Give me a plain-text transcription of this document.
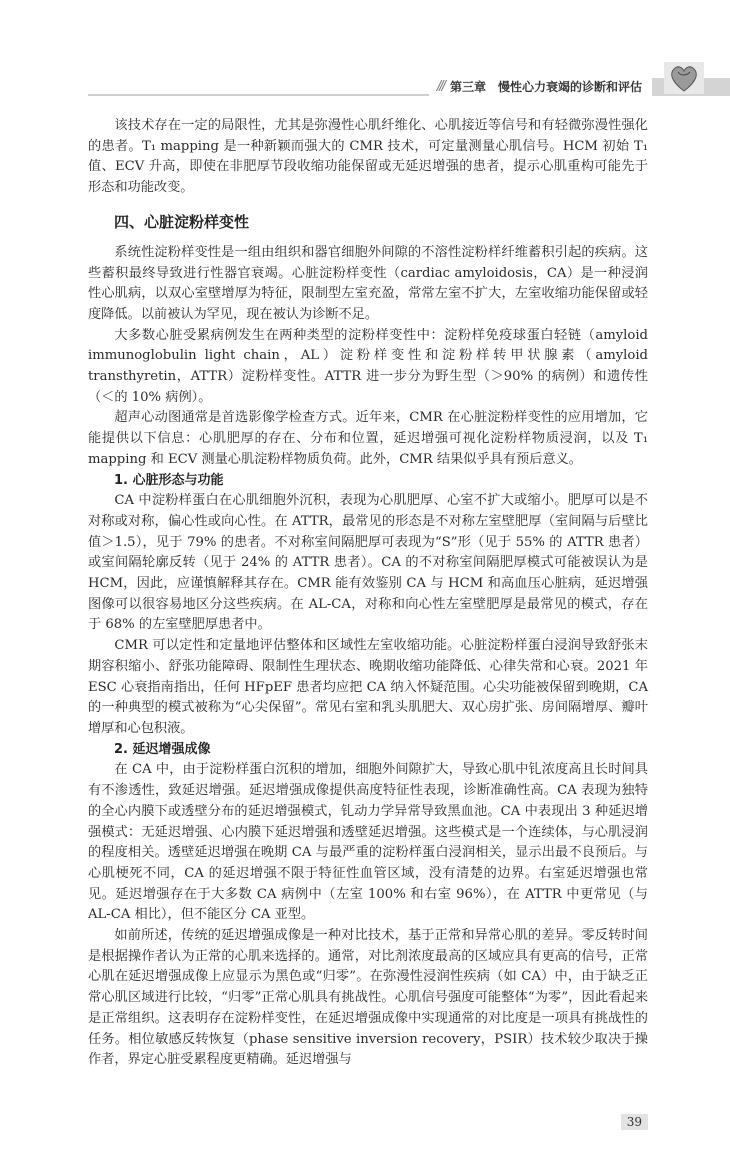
/// 第三章　慢性心力衰竭的诊断和评估

该技术存在一定的局限性，尤其是弥漫性心肌纤维化、心肌接近等信号和有轻微弥漫性强化的患者。T₁ mapping 是一种新颖而强大的 CMR 技术，可定量测量心肌信号。HCM 初始 T₁ 值、ECV 升高，即使在非肥厚节段收缩功能保留或无延迟增强的患者，提示心肌重构可能先于形态和功能改变。

四、心脏淀粉样变性

系统性淀粉样变性是一组由组织和器官细胞外间隙的不溶性淀粉样纤维蓄积引起的疾病。这些蓄积最终导致进行性器官衰竭。心脏淀粉样变性（cardiac amyloidosis，CA）是一种浸润性心肌病，以双心室壁增厚为特征，限制型左室充盈，常常左室不扩大，左室收缩功能保留或轻度降低。以前被认为罕见，现在被认为诊断不足。

大多数心脏受累病例发生在两种类型的淀粉样变性中：淀粉样免疫球蛋白轻链（amyloid immunoglobulin light chain，AL）淀粉样变性和淀粉样转甲状腺素（amyloid transthyretin，ATTR）淀粉样变性。ATTR 进一步分为野生型（＞90% 的病例）和遗传性（＜的 10% 病例）。

超声心动图通常是首选影像学检查方式。近年来，CMR 在心脏淀粉样变性的应用增加，它能提供以下信息：心肌肥厚的存在、分布和位置，延迟增强可视化淀粉样物质浸润，以及 T₁ mapping 和 ECV 测量心肌淀粉样物质负荷。此外，CMR 结果似乎具有预后意义。

1. 心脏形态与功能

CA 中淀粉样蛋白在心肌细胞外沉积，表现为心肌肥厚、心室不扩大或缩小。肥厚可以是不对称或对称，偏心性或向心性。在 ATTR，最常见的形态是不对称左室壁肥厚（室间隔与后壁比值＞1.5），见于 79% 的患者。不对称室间隔肥厚可表现为“S”形（见于 55% 的 ATTR 患者）或室间隔轮廓反转（见于 24% 的 ATTR 患者）。CA 的不对称室间隔肥厚模式可能被误认为是 HCM，因此，应谨慎解释其存在。CMR 能有效鉴别 CA 与 HCM 和高血压心脏病，延迟增强图像可以很容易地区分这些疾病。在 AL-CA，对称和向心性左室壁肥厚是最常见的模式，存在于 68% 的左室壁肥厚患者中。

CMR 可以定性和定量地评估整体和区域性左室收缩功能。心脏淀粉样蛋白浸润导致舒张末期容积缩小、舒张功能障碍、限制性生理状态、晚期收缩功能降低、心律失常和心衰。2021 年 ESC 心衰指南指出，任何 HFpEF 患者均应把 CA 纳入怀疑范围。心尖功能被保留到晚期，CA 的一种典型的模式被称为“心尖保留”。常见右室和乳头肌肥大、双心房扩张、房间隔增厚、瓣叶增厚和心包积液。

2. 延迟增强成像

在 CA 中，由于淀粉样蛋白沉积的增加，细胞外间隙扩大，导致心肌中钆浓度高且长时间具有不渗透性，致延迟增强。延迟增强成像提供高度特征性表现，诊断准确性高。CA 表现为独特的全心内膜下或透壁分布的延迟增强模式，钆动力学异常导致黑血池。CA 中表现出 3 种延迟增强模式：无延迟增强、心内膜下延迟增强和透壁延迟增强。这些模式是一个连续体，与心肌浸润的程度相关。透壁延迟增强在晚期 CA 与最严重的淀粉样蛋白浸润相关，显示出最不良预后。与心肌梗死不同，CA 的延迟增强不限于特征性血管区域，没有清楚的边界。右室延迟增强也常见。延迟增强存在于大多数 CA 病例中（左室 100% 和右室 96%），在 ATTR 中更常见（与 AL-CA 相比），但不能区分 CA 亚型。

如前所述，传统的延迟增强成像是一种对比技术，基于正常和异常心肌的差异。零反转时间是根据操作者认为正常的心肌来选择的。通常，对比剂浓度最高的区域应具有更高的信号，正常心肌在延迟增强成像上应显示为黑色或“归零”。在弥漫性浸润性疾病（如 CA）中，由于缺乏正常心肌区域进行比较，“归零”正常心肌具有挑战性。心肌信号强度可能整体“为零”，因此看起来是正常组织。这表明存在淀粉样变性，在延迟增强成像中实现通常的对比度是一项具有挑战性的任务。相位敏感反转恢复（phase sensitive inversion recovery，PSIR）技术较少取决于操作者，界定心脏受累程度更精确。延迟增强与

39
